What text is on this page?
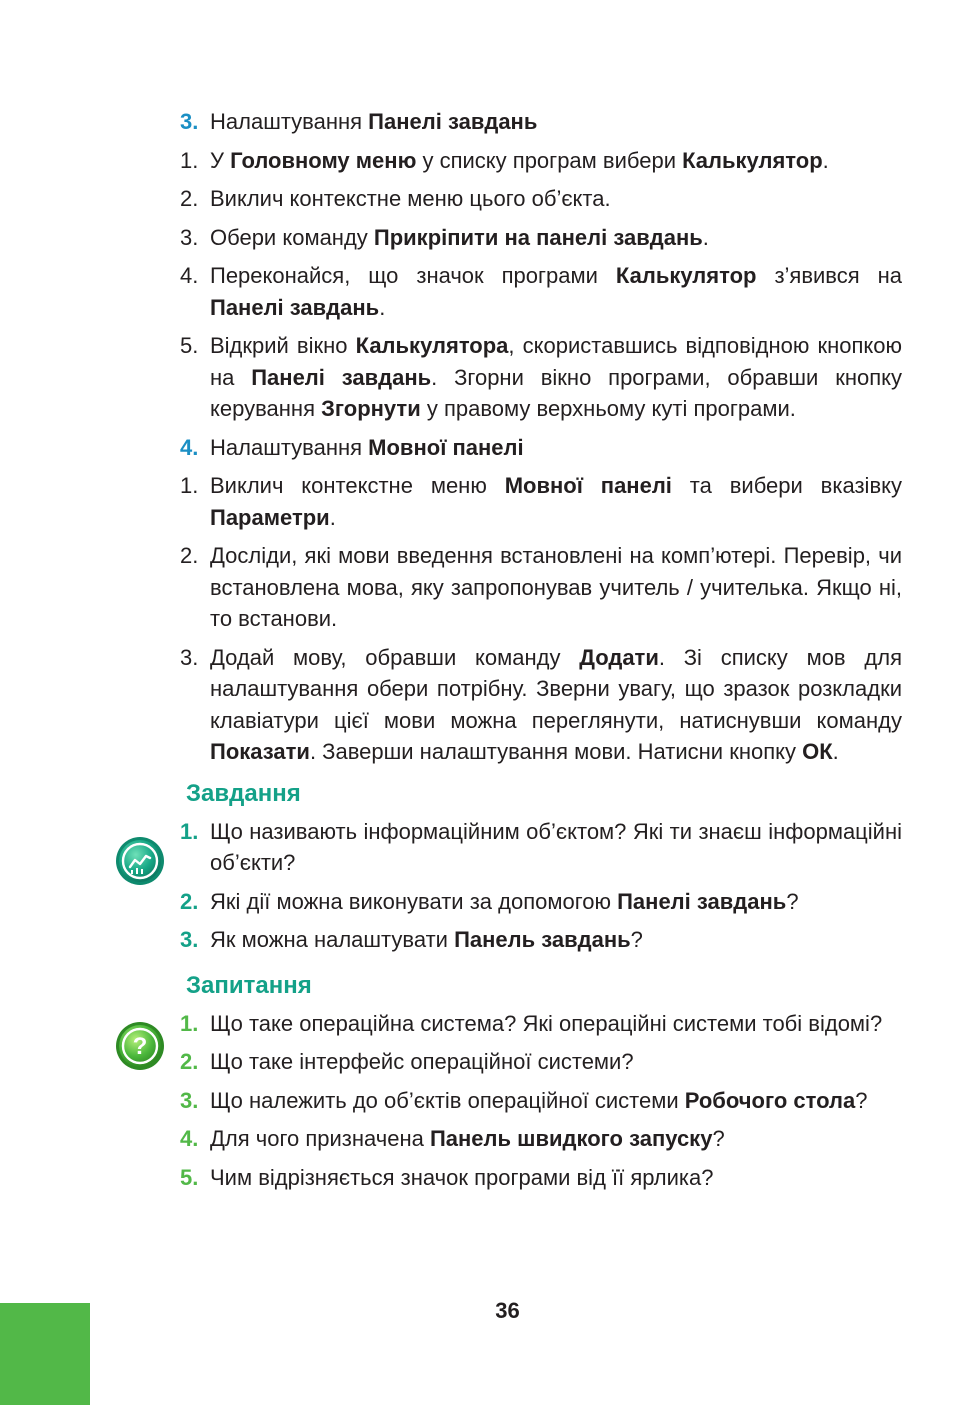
3. Налаштування Панелі завдань
1. У Головному меню у списку програм вибери Калькулятор.
2. Виклич контекстне меню цього об’єкта.
3. Обери команду Прикріпити на панелі завдань.
4. Переконайся, що значок програми Калькулятор з’явився на Панелі завдань.
5. Відкрий вікно Калькулятора, скориставшись відповідною кнопкою на Панелі завдань. Згорни вікно програми, обравши кнопку керування Згорнути у правому верхньому куті програми.
4. Налаштування Мовної панелі
1. Виклич контекстне меню Мовної панелі та вибери вказівку Параметри.
2. Досліди, які мови введення встановлені на комп’ютері. Перевір, чи встановлена мова, яку запропонував учитель / учителька. Якщо ні, то встанови.
3. Додай мову, обравши команду Додати. Зі списку мов для налаштування обери потрібну. Зверни увагу, що зразок розкладки клавіатури цієї мови можна переглянути, натиснувши команду Показати. Заверши налаштування мови. Натисни кнопку ОК.
Завдання
1. Що називають інформаційним об’єктом? Які ти знаєш інформаційні об’єкти?
2. Які дії можна виконувати за допомогою Панелі завдань?
3. Як можна налаштувати Панель завдань?
Запитання
1. Що таке операційна система? Які операційні системи тобі відомі?
2. Що таке інтерфейс операційної системи?
3. Що належить до об’єктів операційної системи Робочого стола?
4. Для чого призначена Панель швидкого запуску?
5. Чим відрізняється значок програми від її ярлика?
?
36
